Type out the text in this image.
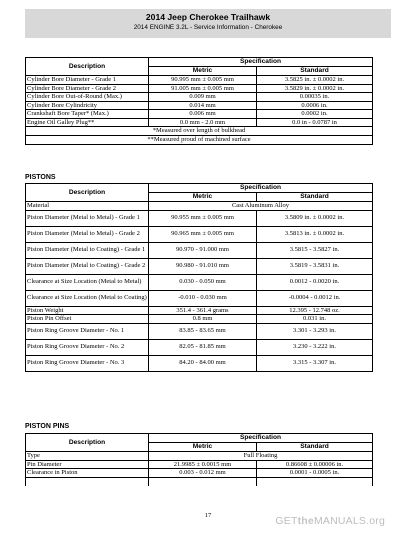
2014 Jeep Cherokee Trailhawk
2014 ENGINE 3.2L - Service Information - Cherokee
Description	Specification	
	Metric	Standard
Cylinder Bore Diameter - Grade 1	90.995 mm ± 0.005 mm	3.5825 in. ± 0.0002 in.
Cylinder Bore Diameter - Grade 2	91.005 mm ± 0.005 mm	3.5829 in. ± 0.0002 in.
Cylinder Bore Out-of-Round (Max.)	0.009 mm	0.00035 in.
Cylinder Bore Cylindricity	0.014 mm	0.0006 in.
Crankshaft Bore Taper* (Max.)	0.006 mm	0.0002 in.
Engine Oil Galley Plug**	0.0 mm - 2.0 mm	0.0 in - 0.0787 in
*Measured over length of bulkhead		
**Measured proud of machined surface		
PISTONS
Description	Specification	
	Metric	Standard
Material	Cast Aluminum Alloy	
Piston Diameter (Metal to Metal) - Grade 1	90.955 mm ± 0.005 mm	3.5809 in. ± 0.0002 in.
Piston Diameter (Metal to Metal) - Grade 2	90.965 mm ± 0.005 mm	3.5813 in. ± 0.0002 in.
Piston Diameter (Metal to Coating) - Grade 1	90.970 - 91.000 mm	3.5815 - 3.5827 in.
Piston Diameter (Metal to Coating) - Grade 2	90.980 - 91.010 mm	3.5819 - 3.5831 in.
Clearance at Size Location (Metal to Metal)	0.030 - 0.050 mm	0.0012 - 0.0020 in.
Clearance at Size Location (Metal to Coating)	-0.010 - 0.030 mm	-0.0004 - 0.0012 in.
Piston Weight	351.4 - 361.4 grams	12.395 - 12.748 oz.
Piston Pin Offset	0.8 mm	0.031 in.
Piston Ring Groove Diameter - No. 1	83.85 - 83.65 mm	3.301 - 3.293 in.
Piston Ring Groove Diameter - No. 2	82.05 - 81.85 mm	3.230 - 3.222 in.
Piston Ring Groove Diameter - No. 3	84.20 - 84.00 mm	3.315 - 3.307 in.
PISTON PINS
Description	Specification	
	Metric	Standard
Type	Full Floating	
Pin Diameter	21.9985 ± 0.0015 mm	0.86608 ± 0.00006 in.
Clearance in Piston	0.003 - 0.012 mm	0.0001 - 0.0005 in.

17	GETtheMANUALS.org
